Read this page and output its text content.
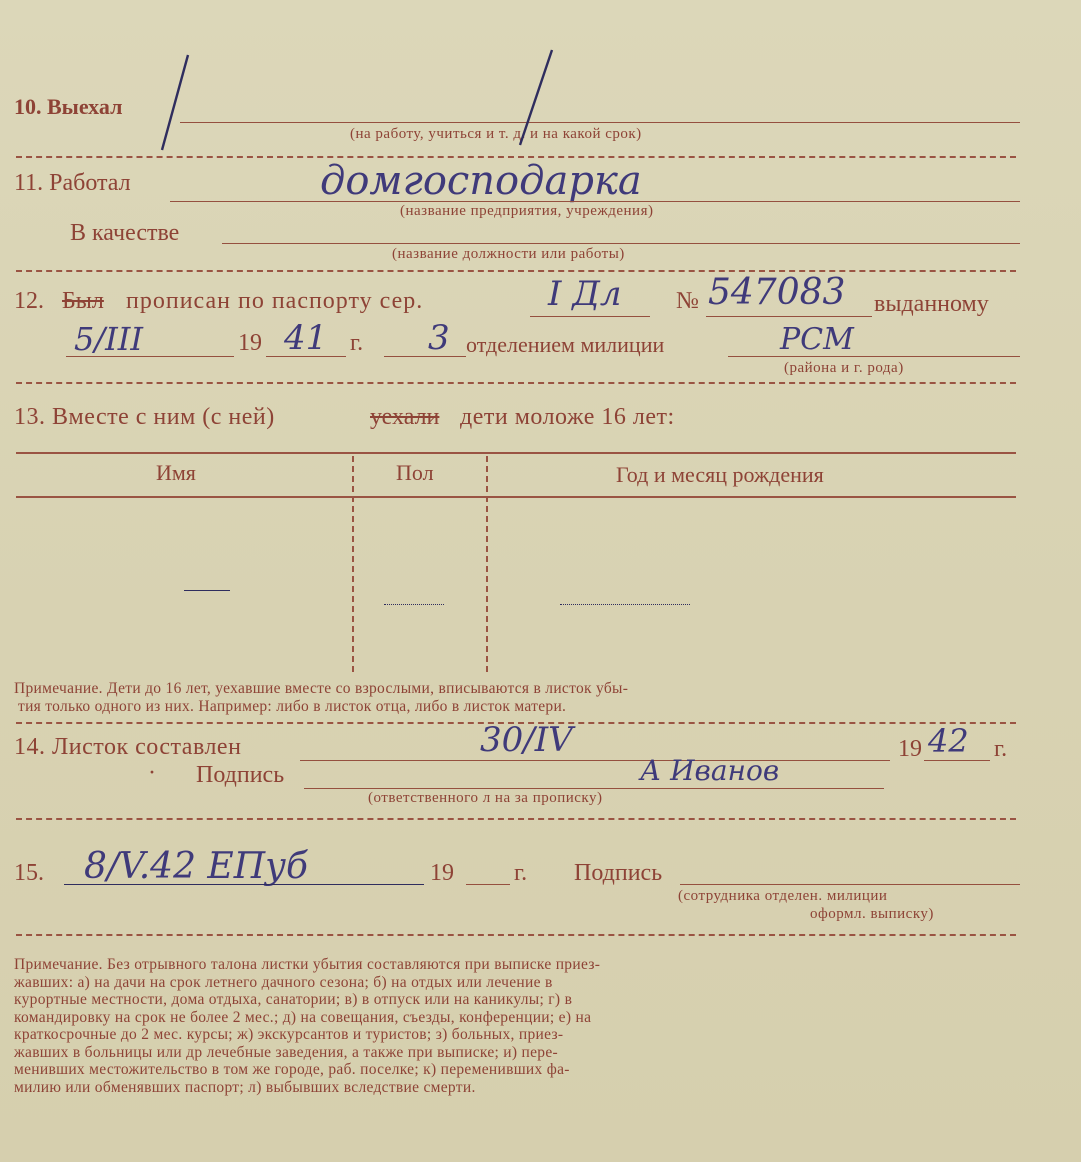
10. Выехал
(на работу, учиться и т. д. и на какой срок)
11. Работал	домгосподарка
(название предприятия, учреждения)
В качестве
(название должности или работы)
12. Был прописан по паспорту сер.	I Дл № 547083 выданному
5/III	19 41 г. 3 отделением милиции	РСМ
(района и г. рода)
13. Вместе с ним (с ней)	уехали дети моложе 16 лет:
Имя	Пол	Год и месяц рождения
Примечание. Дети до 16 лет, уехавшие вместе со взрослыми, вписываются в листок убы-
тия только одного из них. Например: либо в листок отца, либо в листок матери.
14. Листок составлен	30/IV	19 42 г.
· Подпись	А Иванов
(ответственного л на за прописку)
15. 8/V.42 ЕПуб	19	г. Подпись
(сотрудника отделен. милиции
оформл. выписку)
Примечание. Без отрывного талона листки убытия составляются при выписке приез-
жавших: а) на дачи на срок летнего дачного сезона; б) на отдых или лечение в
курортные местности, дома отдыха, санатории; в) в отпуск или на каникулы; г) в
командировку на срок не более 2 мес.; д) на совещания, съезды, конференции; е) на
краткосрочные до 2 мес. курсы; ж) экскурсантов и туристов; з) больных, приез-
жавших в больницы или др лечебные заведения, а также при выписке; и) пере-
менивших местожительство в том же городе, раб. поселке; к) переменивших фа-
милию или обменявших паспорт; л) выбывших вследствие смерти.
